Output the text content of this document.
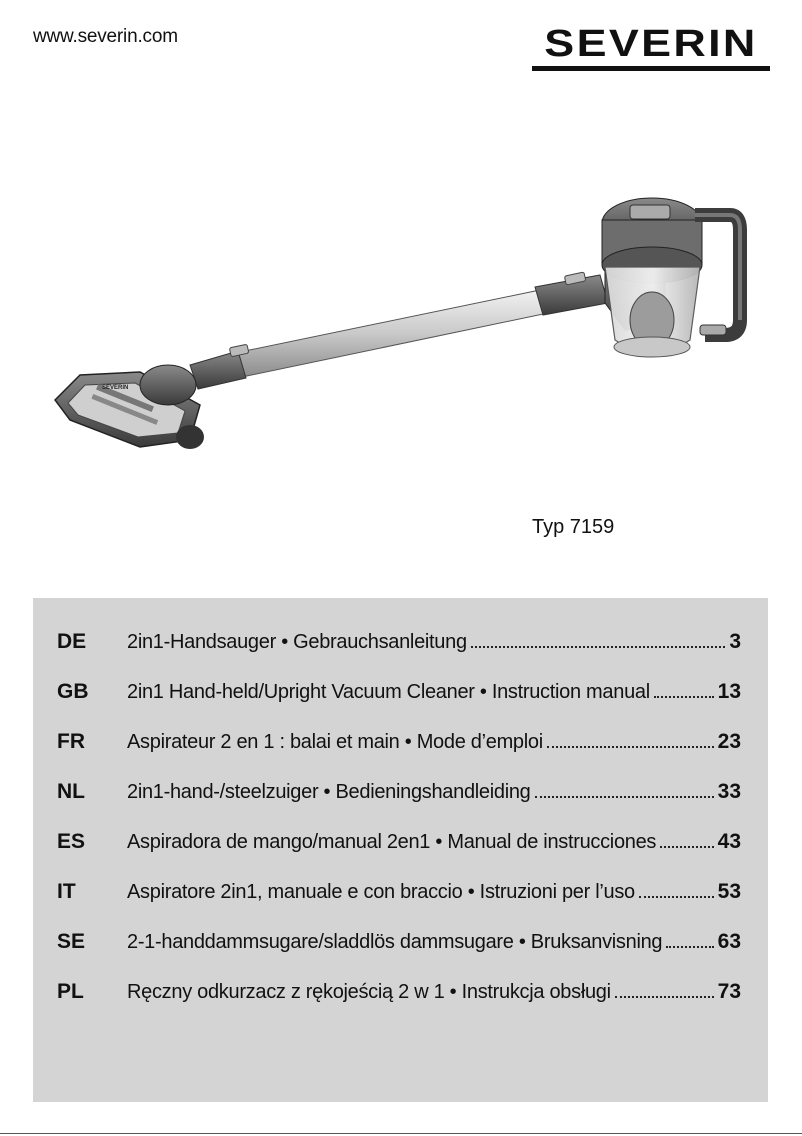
www.severin.com	SEVERIN
SEVERIN
Typ 7159
DE 2in1-Handsauger • Gebrauchsanleitung	3
GB 2in1 Hand-held/Upright Vacuum Cleaner • Instruction manual	13
FR Aspirateur 2 en 1 : balai et main • Mode d’emploi	23
NL 2in1-hand-/steelzuiger • Bedieningshandleiding	33
ES Aspiradora de mango/manual 2en1 • Manual de instrucciones	43
IT	Aspiratore 2in1, manuale e con braccio • Istruzioni per l’uso	53
SE 2-1-handdammsugare/sladdlös dammsugare • Bruksanvisning	63
PL Ręczny odkurzacz z rękojeścią 2 w 1 • Instrukcja obsługi	73
